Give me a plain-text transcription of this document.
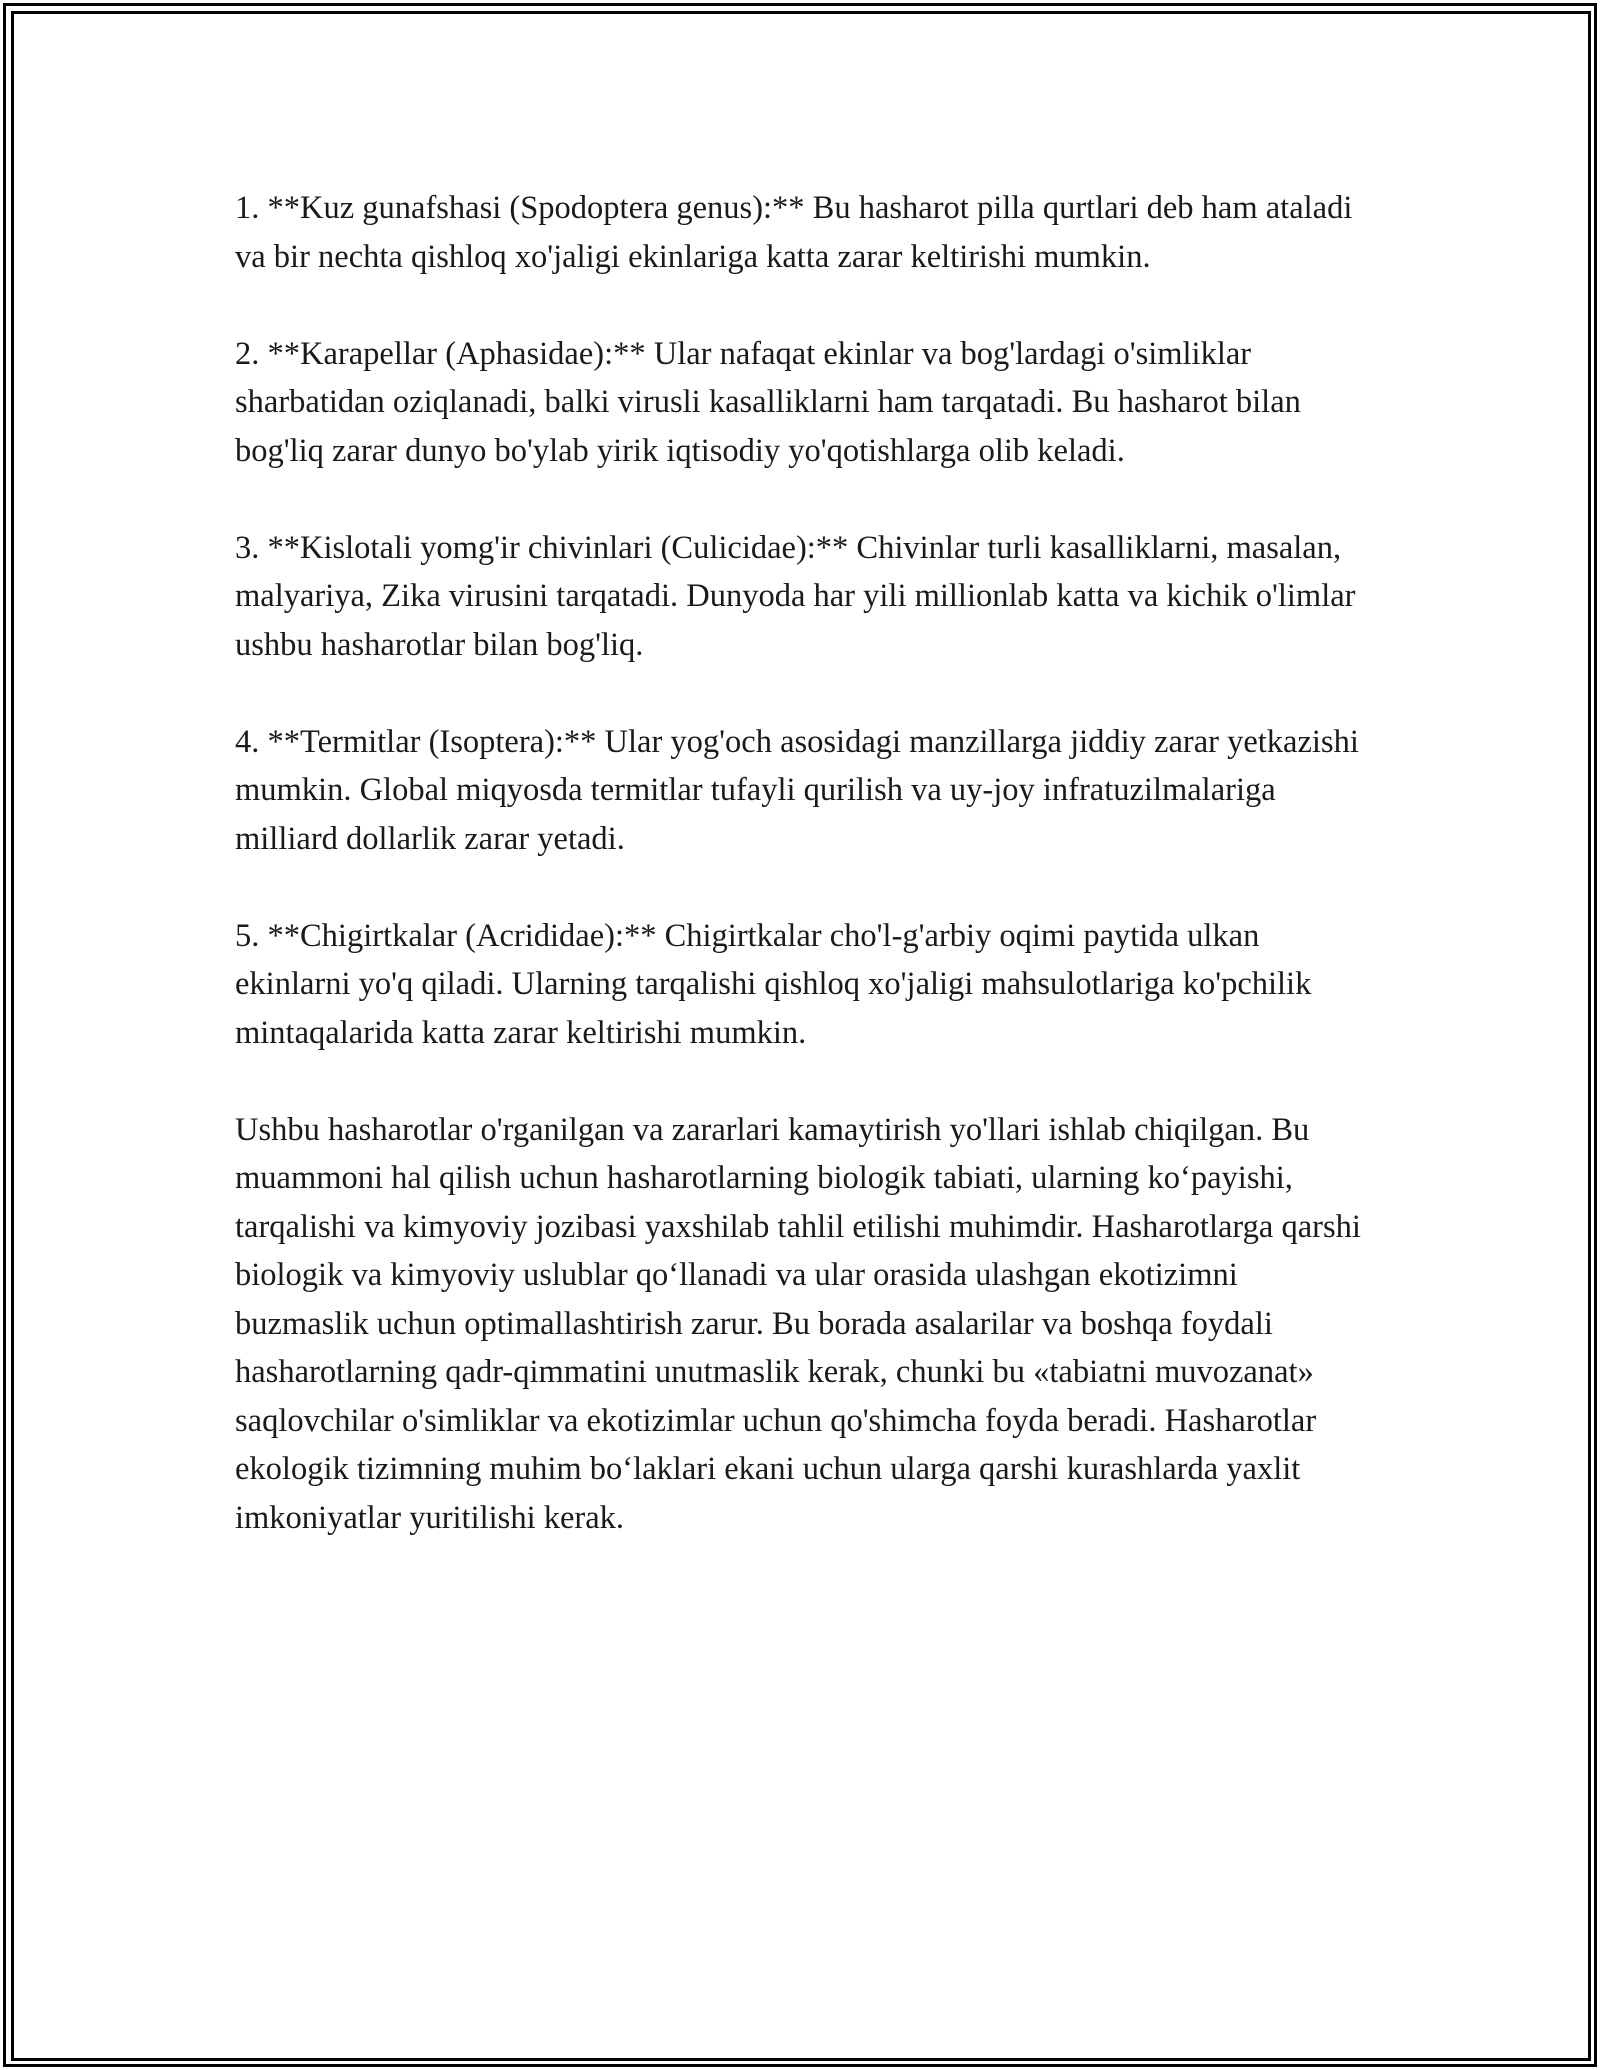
1. **Kuz gunafshasi (Spodoptera genus):** Bu hasharot pilla qurtlari deb ham ataladi va bir nechta qishloq xo'jaligi ekinlariga katta zarar keltirishi mumkin.

2. **Karapellar (Aphasidae):** Ular nafaqat ekinlar va bog'lardagi o'simliklar sharbatidan oziqlanadi, balki virusli kasalliklarni ham tarqatadi. Bu hasharot bilan bog'liq zarar dunyo bo'ylab yirik iqtisodiy yo'qotishlarga olib keladi.

3. **Kislotali yomg'ir chivinlari (Culicidae):** Chivinlar turli kasalliklarni, masalan, malyariya, Zika virusini tarqatadi. Dunyoda har yili millionlab katta va kichik o'limlar ushbu hasharotlar bilan bog'liq.

4. **Termitlar (Isoptera):** Ular yog'och asosidagi manzillarga jiddiy zarar yetkazishi mumkin. Global miqyosda termitlar tufayli qurilish va uy-joy infratuzilmalariga milliard dollarlik zarar yetadi.

5. **Chigirtkalar (Acrididae):** Chigirtkalar cho'l-g'arbiy oqimi paytida ulkan ekinlarni yo'q qiladi. Ularning tarqalishi qishloq xo'jaligi mahsulotlariga ko'pchilik mintaqalarida katta zarar keltirishi mumkin.

Ushbu hasharotlar o'rganilgan va zararlari kamaytirish yo'llari ishlab chiqilgan. Bu muammoni hal qilish uchun hasharotlarning biologik tabiati, ularning ko‘payishi, tarqalishi va kimyoviy jozibasi yaxshilab tahlil etilishi muhimdir. Hasharotlarga qarshi biologik va kimyoviy uslublar qo‘llanadi va ular orasida ulashgan ekotizimni buzmaslik uchun optimallashtirish zarur. Bu borada asalarilar va boshqa foydali hasharotlarning qadr-qimmatini unutmaslik kerak, chunki bu «tabiatni muvozanat» saqlovchilar o'simliklar va ekotizimlar uchun qo'shimcha foyda beradi. Hasharotlar ekologik tizimning muhim bo‘laklari ekani uchun ularga qarshi kurashlarda yaxlit imkoniyatlar yuritilishi kerak.
